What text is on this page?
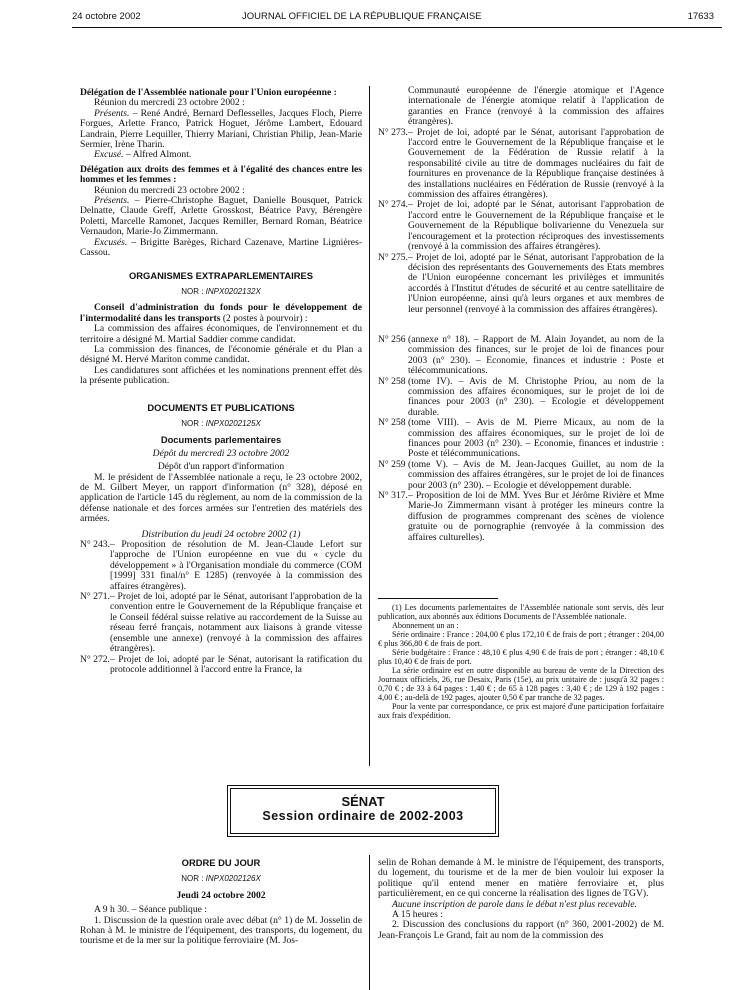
24 octobre 2002	JOURNAL OFFICIEL DE LA RÉPUBLIQUE FRANÇAISE	17633

Délégation de l'Assemblée nationale pour l'Union européenne :

Réunion du mercredi 23 octobre 2002 :

Présents. – René André, Bernard Deflesselles, Jacques Floch, Pierre Forgues, Arlette Franco, Patrick Hoguet, Jérôme Lambert, Edouard Landrain, Pierre Lequiller, Thierry Mariani, Christian Philip, Jean-Marie Sermier, Irène Tharin.

Excusé. – Alfred Almont.

Délégation aux droits des femmes et à l'égalité des chances entre les hommes et les femmes :

Réunion du mercredi 23 octobre 2002 :

Présents. – Pierre-Christophe Baguet, Danielle Bousquet, Patrick Delnatte, Claude Greff, Arlette Grosskost, Béatrice Pavy, Bérengère Poletti, Marcelle Ramonet, Jacques Remiller, Bernard Roman, Béatrice Vernaudon, Marie-Jo Zimmermann.

Excusés. – Brigitte Barèges, Richard Cazenave, Martine Lignières-Cassou.

ORGANISMES EXTRAPARLEMENTAIRES
NOR : INPX0202132X

Conseil d'administration du fonds pour le développement de l'intermodalité dans les transports (2 postes à pourvoir) :

La commission des affaires économiques, de l'environnement et du territoire a désigné M. Martial Saddier comme candidat.

La commission des finances, de l'économie générale et du Plan a désigné M. Hervé Mariton comme candidat.

Les candidatures sont affichées et les nominations prennent effet dès la présente publication.

DOCUMENTS ET PUBLICATIONS
NOR : INPX0202125X
Documents parlementaires

Dépôt du mercredi 23 octobre 2002

Dépôt d'un rapport d'information

M. le président de l'Assemblée nationale a reçu, le 23 octobre 2002, de M. Gilbert Meyer, un rapport d'information (n° 328), déposé en application de l'article 145 du règlement, au nom de la commission de la défense nationale et des forces armées sur l'entretien des matériels des armées.

Distribution du jeudi 24 octobre 2002 (1)

N° 243.– Proposition de résolution de M. Jean-Claude Lefort sur l'approche de l'Union européenne en vue du « cycle du développement » à l'Organisation mondiale du commerce (COM [1999] 331 final/n° E 1285) (renvoyée à la commission des affaires étrangères).

N° 271.– Projet de loi, adopté par le Sénat, autorisant l'approbation de la convention entre le Gouvernement de la République française et le Conseil fédéral suisse relative au raccordement de la Suisse au réseau ferré français, notamment aux liaisons à grande vitesse (ensemble une annexe) (renvoyé à la commission des affaires étrangères).

N° 272.– Projet de loi, adopté par le Sénat, autorisant la ratification du protocole additionnel à l'accord entre la France, la

Communauté européenne de l'énergie atomique et l'Agence internationale de l'énergie atomique relatif à l'application de garanties en France (renvoyé à la commission des affaires étrangères).

N° 273.– Projet de loi, adopté par le Sénat, autorisant l'approbation de l'accord entre le Gouvernement de la République française et le Gouvernement de la Fédération de Russie relatif à la responsabilité civile au titre de dommages nucléaires du fait de fournitures en provenance de la République française destinées à des installations nucléaires en Fédération de Russie (renvoyé à la commission des affaires étrangères).

N° 274.– Projet de loi, adopté par le Sénat, autorisant l'approbation de l'accord entre le Gouvernement de la République française et le Gouvernement de la République bolivarienne du Venezuela sur l'encouragement et la protection réciproques des investissements (renvoyé à la commission des affaires étrangères).

N° 275.– Projet de loi, adopté par le Sénat, autorisant l'approbation de la décision des représentants des Gouvernements des Etats membres de l'Union européenne concernant les privilèges et immunités accordés à l'Institut d'études de sécurité et au centre satellitaire de l'Union européenne, ainsi qu'à leurs organes et aux membres de leur personnel (renvoyé à la commission des affaires étrangères).

N° 256 (annexe n° 18). – Rapport de M. Alain Joyandet, au nom de la commission des finances, sur le projet de loi de finances pour 2003 (n° 230). – Economie, finances et industrie : Poste et télécommunications.

N° 258 (tome IV). – Avis de M. Christophe Priou, au nom de la commission des affaires économiques, sur le projet de loi de finances pour 2003 (n° 230). – Ecologie et développement durable.

N° 258 (tome VIII). – Avis de M. Pierre Micaux, au nom de la commission des affaires économiques, sur le projet de loi de finances pour 2003 (n° 230). – Economie, finances et industrie : Poste et télécommunications.

N° 259 (tome V). – Avis de M. Jean-Jacques Guillet, au nom de la commission des affaires étrangères, sur le projet de loi de finances pour 2003 (n° 230). – Ecologie et développement durable.

N° 317.– Proposition de loi de MM. Yves Bur et Jérôme Rivière et Mme Marie-Jo Zimmermann visant à protéger les mineurs contre la diffusion de programmes comprenant des scènes de violence gratuite ou de pornographie (renvoyée à la commission des affaires culturelles).

(1) Les documents parlementaires de l'Assemblée nationale sont servis, dès leur publication, aux abonnés aux éditions Documents de l'Assemblée nationale.

Abonnement un an :

Série ordinaire : France : 204,00 € plus 172,10 € de frais de port ; étranger : 204,00 € plus 366,80 € de frais de port.

Série budgétaire : France : 48,10 € plus 4,90 € de frais de port ; étranger : 48,10 € plus 10,40 € de frais de port.

La série ordinaire est en outre disponible au bureau de vente de la Direction des Journaux officiels, 26, rue Desaix, Paris (15e), au prix unitaire de : jusqu'à 32 pages : 0,70 € ; de 33 à 64 pages : 1,40 € ; de 65 à 128 pages : 3,40 € ; de 129 à 192 pages : 4,00 € ; au-delà de 192 pages, ajouter 0,50 € par tranche de 32 pages.

Pour la vente par correspondance, ce prix est majoré d'une participation forfaitaire aux frais d'expédition.

SÉNAT
Session ordinaire de 2002-2003
ORDRE DU JOUR
NOR : INPX0202126X

Jeudi 24 octobre 2002

A 9 h 30. – Séance publique :

1. Discussion de la question orale avec débat (n° 1) de M. Josselin de Rohan à M. le ministre de l'équipement, des transports, du logement, du tourisme et de la mer sur la politique ferroviaire (M. Jos-

selin de Rohan demande à M. le ministre de l'équipement, des transports, du logement, du tourisme et de la mer de bien vouloir lui exposer la politique qu'il entend mener en matière ferroviaire et, plus particulièrement, en ce qui concerne la réalisation des lignes de TGV).

Aucune inscription de parole dans le débat n'est plus recevable.

A 15 heures :

2. Discussion des conclusions du rapport (n° 360, 2001-2002) de M. Jean-François Le Grand, fait au nom de la commission des
